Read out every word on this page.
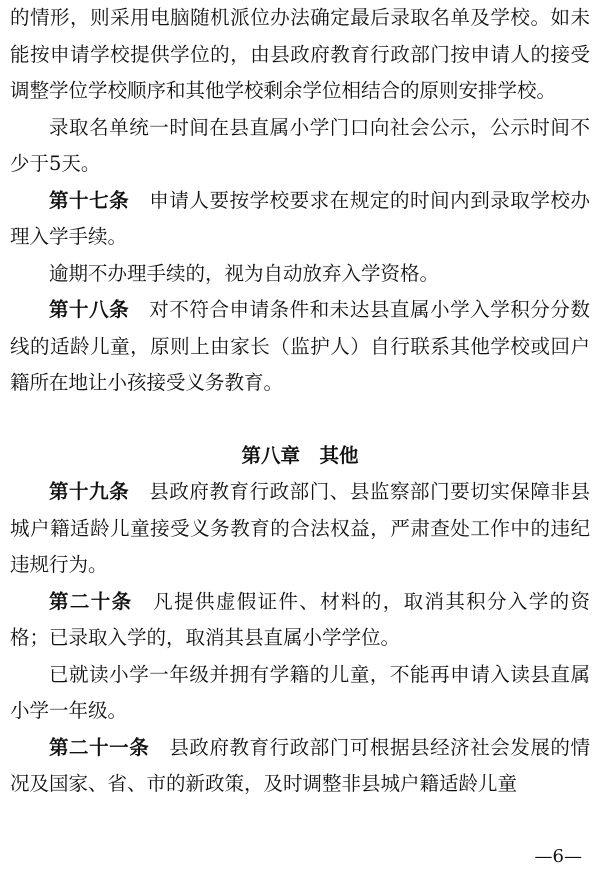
的情形，则采用电脑随机派位办法确定最后录取名单及学校。如未能按申请学校提供学位的，由县政府教育行政部门按申请人的接受调整学位学校顺序和其他学校剩余学位相结合的原则安排学校。

录取名单统一时间在县直属小学门口向社会公示，公示时间不少于5天。

第十七条　申请人要按学校要求在规定的时间内到录取学校办理入学手续。

逾期不办理手续的，视为自动放弃入学资格。

第十八条　对不符合申请条件和未达县直属小学入学积分分数线的适龄儿童，原则上由家长（监护人）自行联系其他学校或回户籍所在地让小孩接受义务教育。

第八章　其他

第十九条　县政府教育行政部门、县监察部门要切实保障非县城户籍适龄儿童接受义务教育的合法权益，严肃查处工作中的违纪违规行为。

第二十条　凡提供虚假证件、材料的，取消其积分入学的资格；已录取入学的，取消其县直属小学学位。

已就读小学一年级并拥有学籍的儿童，不能再申请入读县直属小学一年级。

第二十一条　县政府教育行政部门可根据县经济社会发展的情况及国家、省、市的新政策，及时调整非县城户籍适龄儿童

—6—
